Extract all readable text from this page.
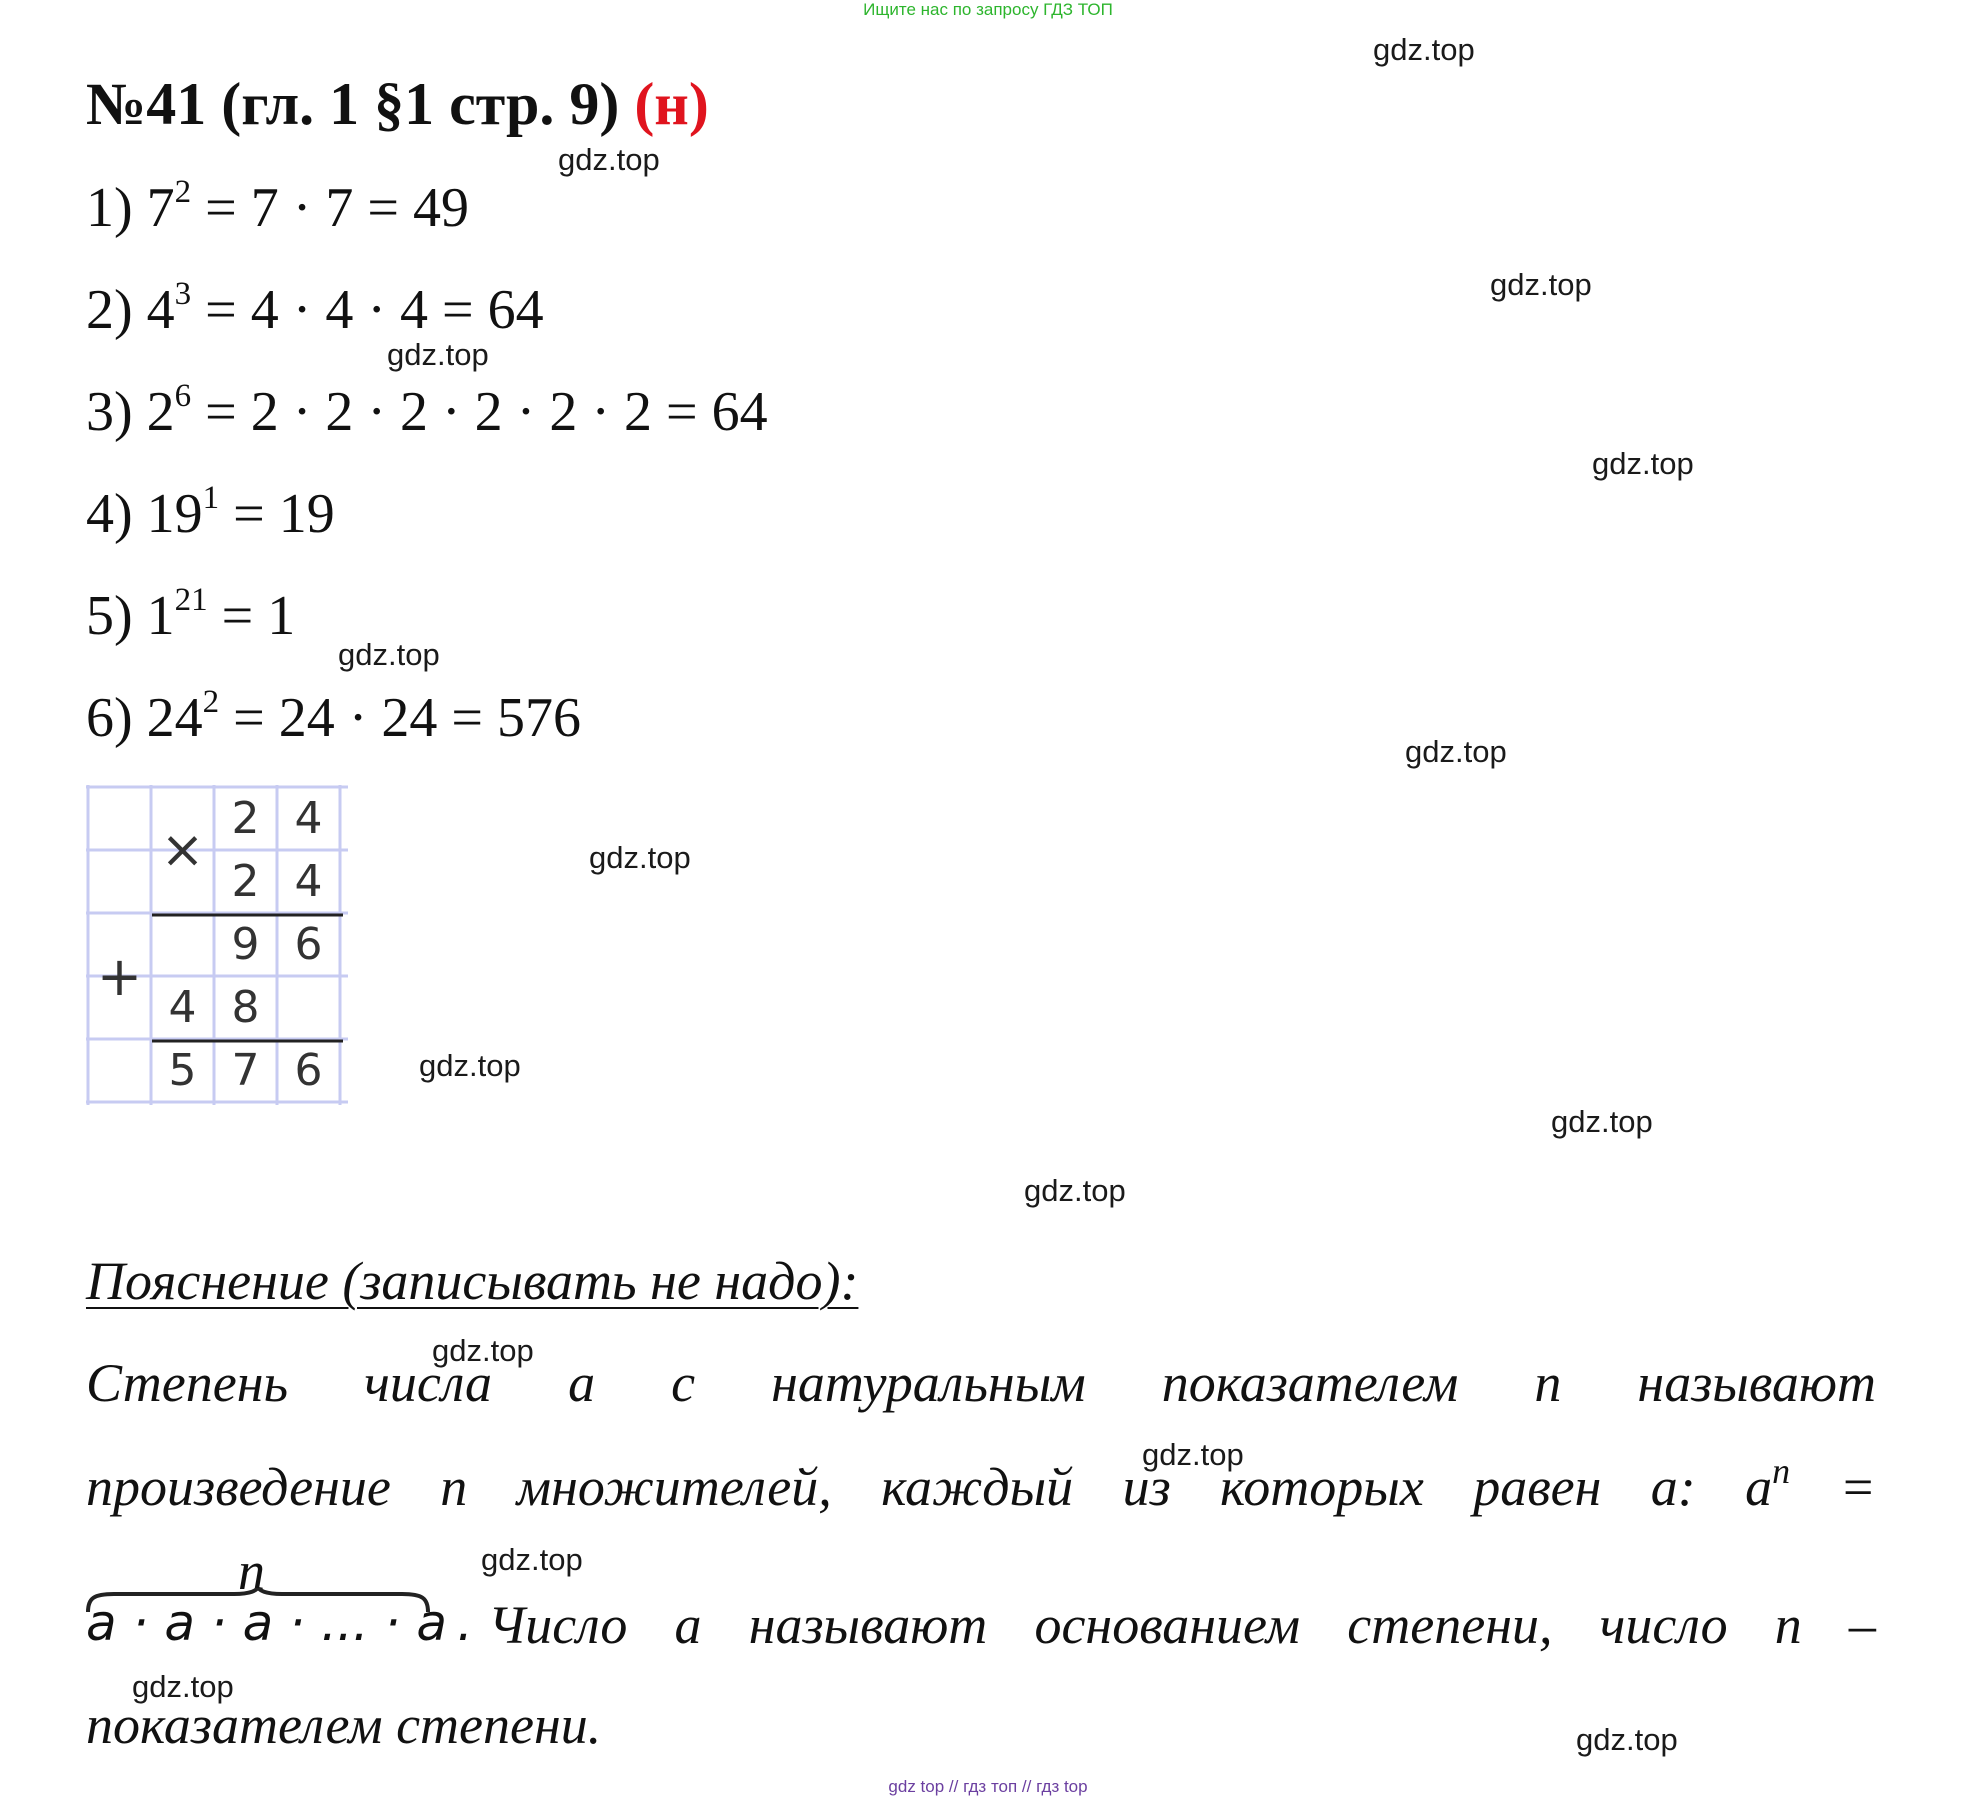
Ищите нас по запросу ГДЗ ТОП
gdz.top
gdz.top
gdz.top
gdz.top
gdz.top
gdz.top
gdz.top
gdz.top
gdz.top
gdz.top
gdz.top
gdz.top
gdz.top
gdz.top
gdz.top
gdz.top
№41 (гл. 1 §1 стр. 9) (н)
1) $7^2 = 7 \cdot 7 = 49$
2) $4^3 = 4 \cdot 4 \cdot 4 = 64$
3) $2^6 = 2 \cdot 2 \cdot 2 \cdot 2 \cdot 2 \cdot 2 = 64$
4) $19^1 = 19$
5) $1^{21} = 1$
6) $24^2 = 24 \cdot 24 = 576$
×
2 4
2 4
+
9 6
4 8
5 7 6
Пояснение (записывать не надо):
Степень числа a с натуральным показателем n называют
произведение n множителей, каждый из которых равен a: $a^n$ =
n
a · a · a · ... · a . Число a называют основанием степени, число n –
показателем степени.
gdz top // гдз топ // гдз top
